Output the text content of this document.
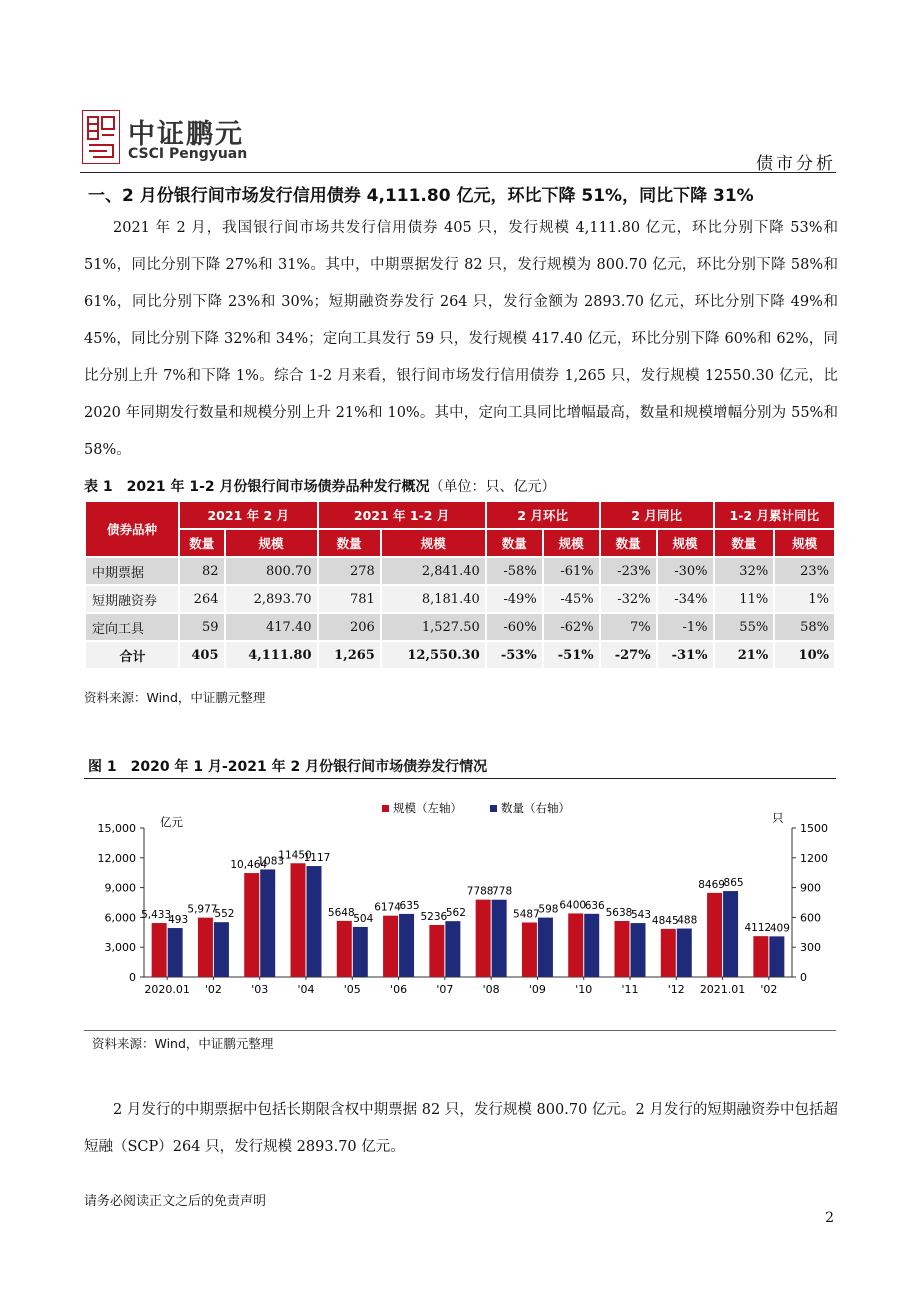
中证鹏元
CSCI Pengyuan	债市分析
一、2 月份银行间市场发行信用债券 4,111.80 亿元，环比下降 51%，同比下降 31%

2021 年 2 月，我国银行间市场共发行信用债券 405 只，发行规模 4,111.80 亿元，环比分别下降 53%和 51%，同比分别下降 27%和 31%。其中，中期票据发行 82 只，发行规模为 800.70 亿元，环比分别下降 58%和 61%，同比分别下降 23%和 30%；短期融资券发行 264 只，发行金额为 2893.70 亿元，环比分别下降 49%和 45%，同比分别下降 32%和 34%；定向工具发行 59 只，发行规模 417.40 亿元，环比分别下降 60%和 62%，同比分别上升 7%和下降 1%。综合 1-2 月来看，银行间市场发行信用债券 1,265 只，发行规模 12550.30 亿元，比 2020 年同期发行数量和规模分别上升 21%和 10%。其中，定向工具同比增幅最高，数量和规模增幅分别为 55%和 58%。

表 1　2021 年 1-2 月份银行间市场债券品种发行概况（单位：只、亿元）
债券品种	2021 年 2 月		2021 年 1-2 月		2 月环比		2 月同比		1-2 月累计同比	
	数量	规模	数量	规模	数量	规模	数量	规模	数量	规模
中期票据	82	800.70	278	2,841.40	-58%	-61%	-23%	-30%	32%	23%
短期融资券	264	2,893.70	781	8,181.40	-49%	-45%	-32%	-34%	11%	1%
定向工具	59	417.40	206	1,527.50	-60%	-62%	7%	-1%	55%	58%
合计	405	4,111.80	1,265	12,550.30	-53%	-51%	-27%	-31%	21%	10%
资料来源：Wind，中证鹏元整理
图 1　2020 年 1 月-2021 年 2 月份银行间市场债券发行情况
规模（左轴）	数量（右轴）
亿元	只
0
3,000
6,000
9,000
12,000
15,000
0
300
600
900
1200
1500
2020.01 '02	'03	'04	'05	'06	'07	'08	'09	'10	'11	'12 2021.01 '02
5,433
493
5,977
552
10,464
1083
11450
1117
5648
504
6174
635
5236
562
7788
778
5487
598 6400
636
5638
543 4845
488
8469
865
4112
409
资料来源：Wind，中证鹏元整理

2 月发行的中期票据中包括长期限含权中期票据 82 只，发行规模 800.70 亿元。2 月发行的短期融资券中包括超短融（SCP）264 只，发行规模 2893.70 亿元。

请务必阅读正文之后的免责声明
2
